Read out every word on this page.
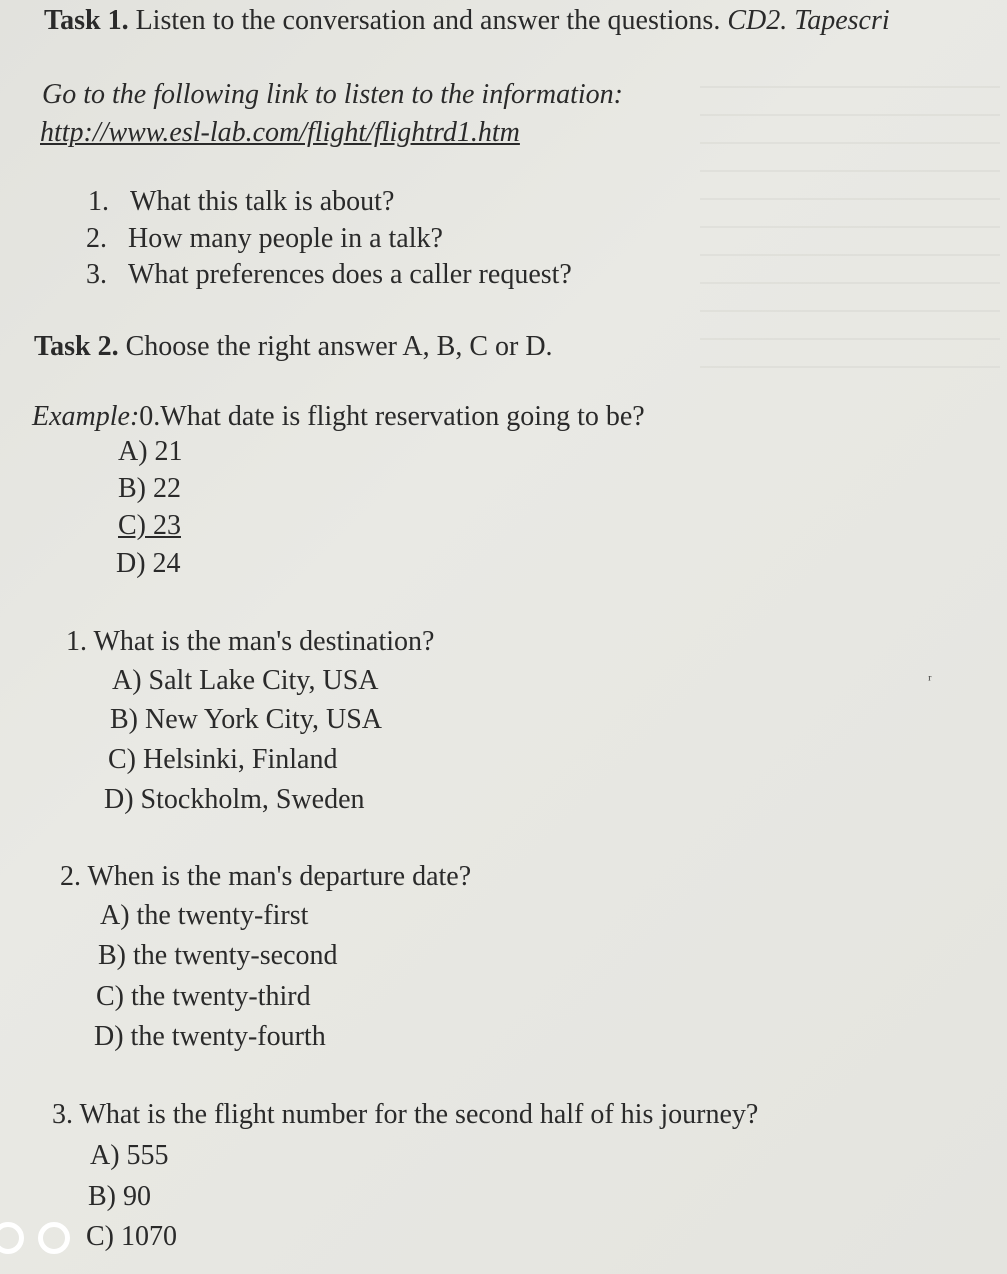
Task 1. Listen to the conversation and answer the questions. CD2. Tapescri
Go to the following link to listen to the information:
http://www.esl-lab.com/flight/flightrd1.htm
1. What this talk is about?
2. How many people in a talk?
3. What preferences does a caller request?
Task 2. Choose the right answer A, B, C or D.
Example:0.What date is flight reservation going to be?
A) 21
B) 22
C) 23
D) 24
1. What is the man's destination?
A) Salt Lake City, USA
B) New York City, USA
C) Helsinki, Finland
D) Stockholm, Sweden
2. When is the man's departure date?
A) the twenty-first
B) the twenty-second
C) the twenty-third
D) the twenty-fourth
3. What is the flight number for the second half of his journey?
A) 555
B) 90
C) 1070
ʳ
